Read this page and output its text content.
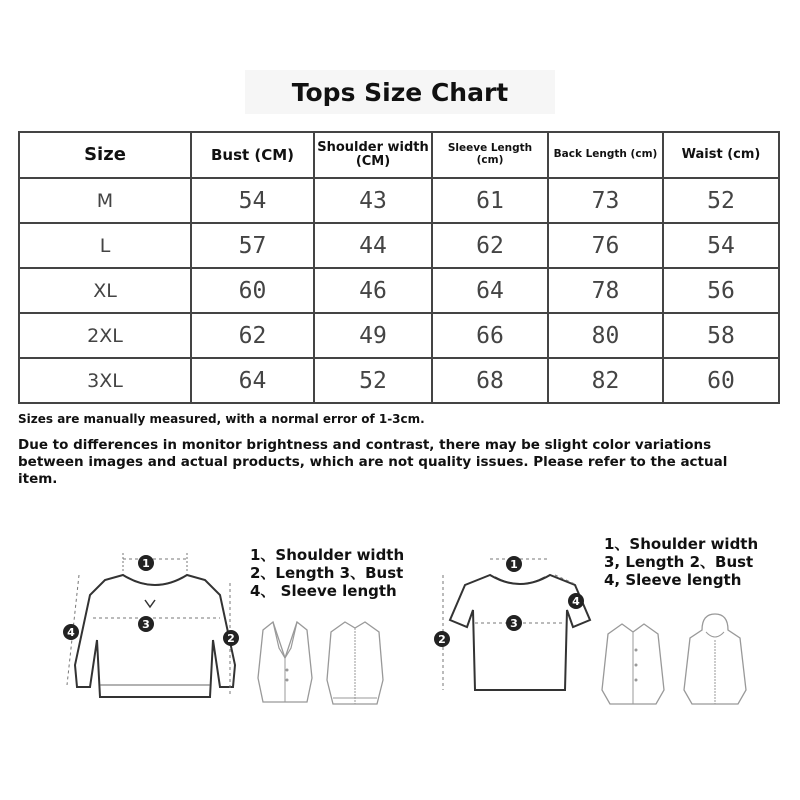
Tops Size Chart
Size	Bust (CM)	Shoulder width (CM)	Sleeve Length (cm)	Back Length (cm)	Waist (cm)
M	54	43	61	73	52
L	57	44	62	76	54
XL	60	46	64	78	56
2XL	62	49	66	80	58
3XL	64	52	68	82	60
Sizes are manually measured, with a normal error of 1-3cm.
Due to differences in monitor brightness and contrast, there may be slight color variations between images and actual products, which are not quality issues. Please refer to the actual item.
1
2
3
4
1、Shoulder width
2、Length 3、Bust
4、 Sleeve length
1
2
3
4
1、Shoulder width
3, Length 2、Bust
4, Sleeve length
